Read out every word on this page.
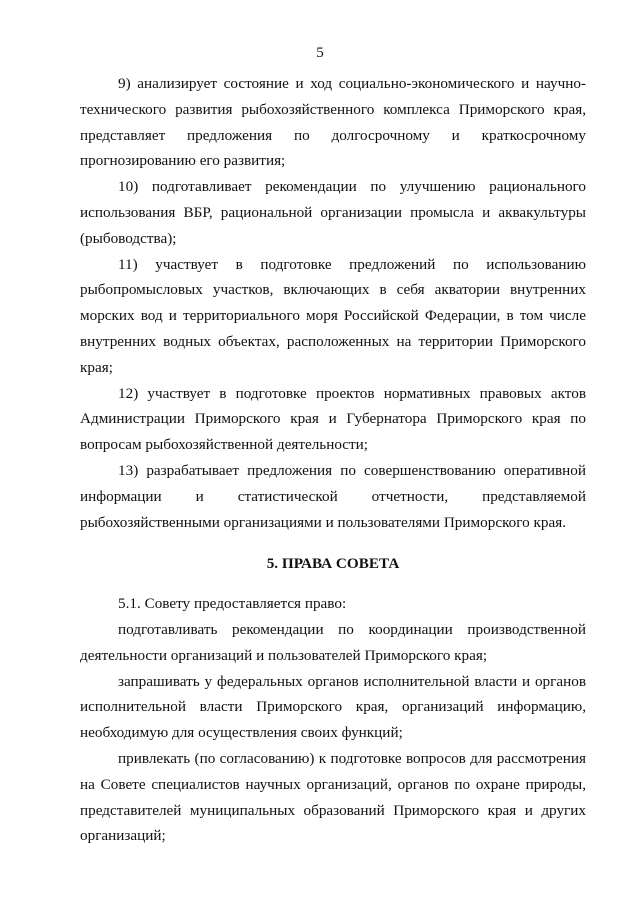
5

9) анализирует состояние и ход социально-экономического и научно-технического развития рыбохозяйственного комплекса Приморского края, представляет предложения по долгосрочному и краткосрочному прогнозированию его развития;

10) подготавливает рекомендации по улучшению рационального использования ВБР, рациональной организации промысла и аквакультуры (рыбоводства);

11) участвует в подготовке предложений по использованию рыбопромысловых участков, включающих в себя акватории внутренних морских вод и территориального моря Российской Федерации, в том числе внутренних водных объектах, расположенных на территории Приморского края;

12) участвует в подготовке проектов нормативных правовых актов Администрации Приморского края и Губернатора Приморского края по вопросам рыбохозяйственной деятельности;

13) разрабатывает предложения по совершенствованию оперативной информации и статистической отчетности, представляемой рыбохозяйственными организациями и пользователями Приморского края.

5. ПРАВА СОВЕТА

5.1. Совету предоставляется право:

подготавливать рекомендации по координации производственной деятельности организаций и пользователей Приморского края;

запрашивать у федеральных органов исполнительной власти и органов исполнительной власти Приморского края, организаций информацию, необходимую для осуществления своих функций;

привлекать (по согласованию) к подготовке вопросов для рассмотрения на Совете специалистов научных организаций, органов по охране природы, представителей муниципальных образований Приморского края и других организаций;
